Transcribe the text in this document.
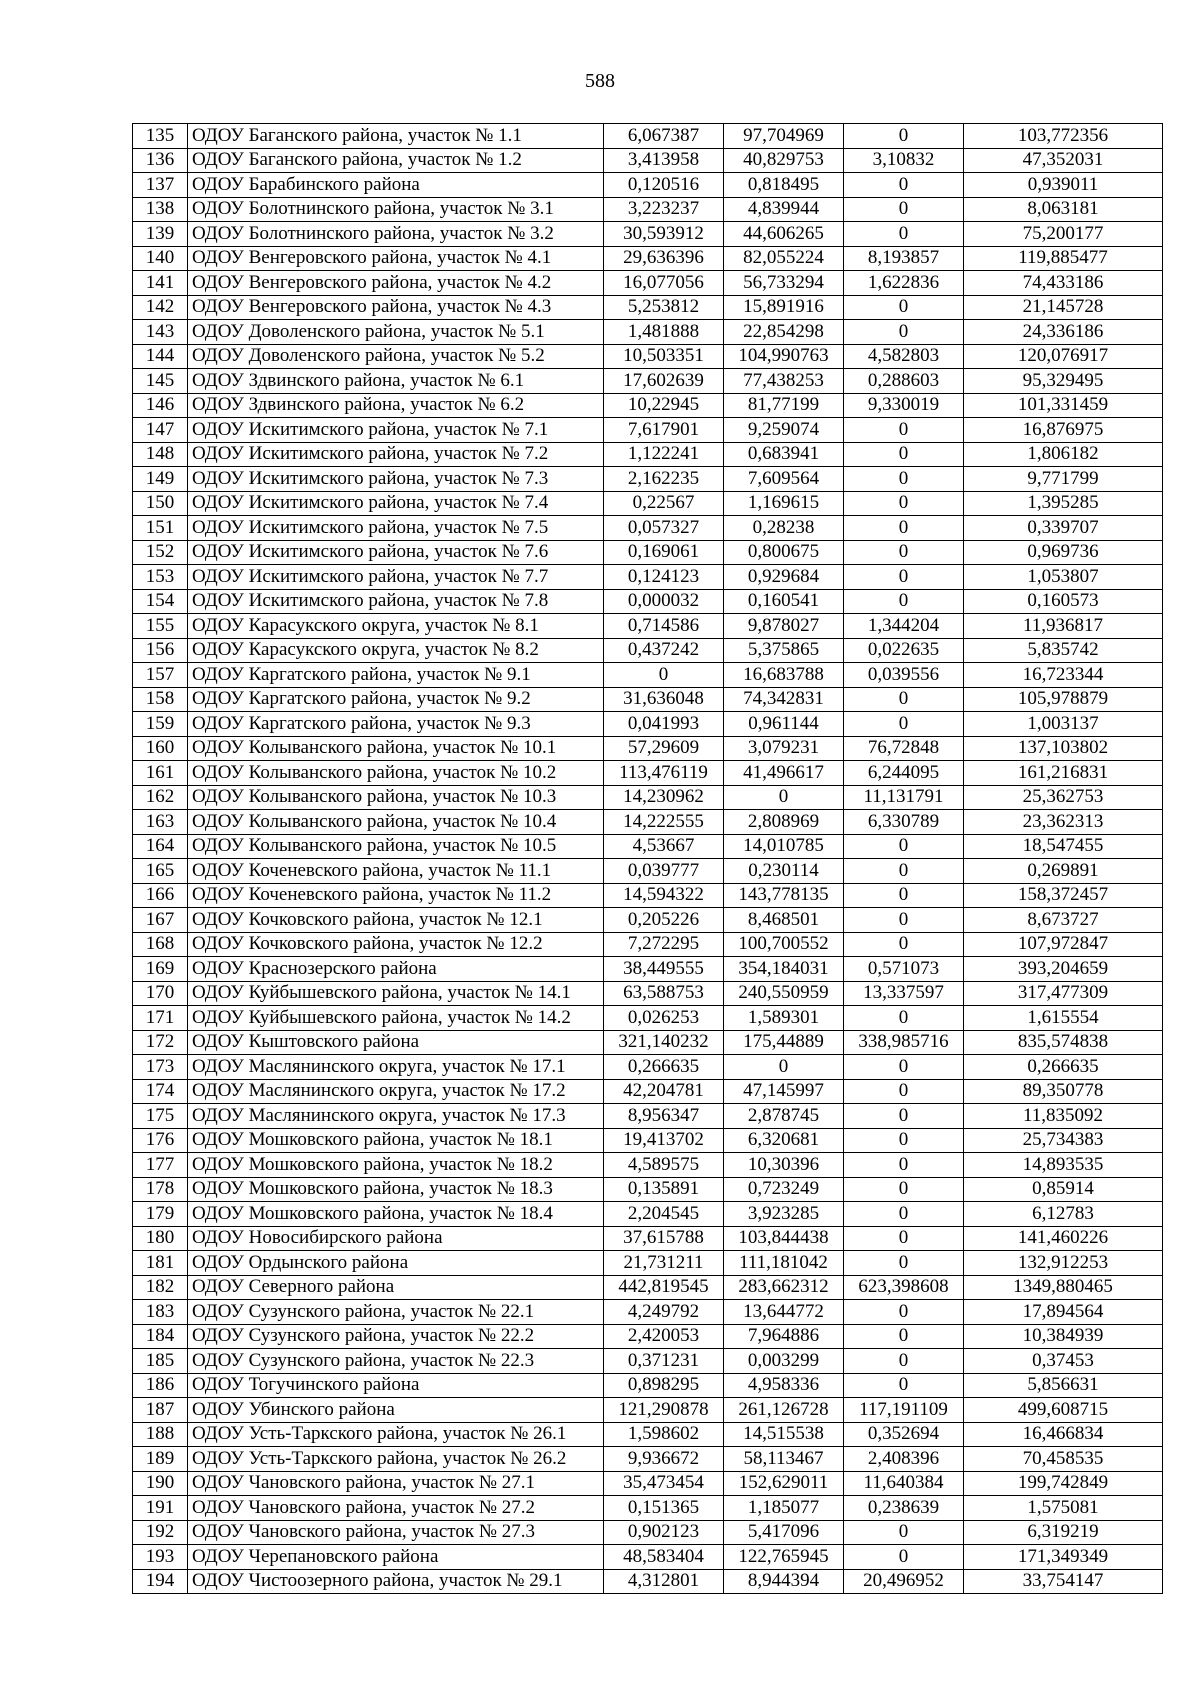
588
135	ОДОУ Баганского района, участок № 1.1	6,067387	97,704969	0	103,772356
136	ОДОУ Баганского района, участок № 1.2	3,413958	40,829753	3,10832	47,352031
137	ОДОУ Барабинского района	0,120516	0,818495	0	0,939011
138	ОДОУ Болотнинского района, участок № 3.1	3,223237	4,839944	0	8,063181
139	ОДОУ Болотнинского района, участок № 3.2	30,593912	44,606265	0	75,200177
140	ОДОУ Венгеровского района, участок № 4.1	29,636396	82,055224	8,193857	119,885477
141	ОДОУ Венгеровского района, участок № 4.2	16,077056	56,733294	1,622836	74,433186
142	ОДОУ Венгеровского района, участок № 4.3	5,253812	15,891916	0	21,145728
143	ОДОУ Доволенского района, участок № 5.1	1,481888	22,854298	0	24,336186
144	ОДОУ Доволенского района, участок № 5.2	10,503351	104,990763	4,582803	120,076917
145	ОДОУ Здвинского района, участок № 6.1	17,602639	77,438253	0,288603	95,329495
146	ОДОУ Здвинского района, участок № 6.2	10,22945	81,77199	9,330019	101,331459
147	ОДОУ Искитимского района, участок № 7.1	7,617901	9,259074	0	16,876975
148	ОДОУ Искитимского района, участок № 7.2	1,122241	0,683941	0	1,806182
149	ОДОУ Искитимского района, участок № 7.3	2,162235	7,609564	0	9,771799
150	ОДОУ Искитимского района, участок № 7.4	0,22567	1,169615	0	1,395285
151	ОДОУ Искитимского района, участок № 7.5	0,057327	0,28238	0	0,339707
152	ОДОУ Искитимского района, участок № 7.6	0,169061	0,800675	0	0,969736
153	ОДОУ Искитимского района, участок № 7.7	0,124123	0,929684	0	1,053807
154	ОДОУ Искитимского района, участок № 7.8	0,000032	0,160541	0	0,160573
155	ОДОУ Карасукского округа, участок № 8.1	0,714586	9,878027	1,344204	11,936817
156	ОДОУ Карасукского округа, участок № 8.2	0,437242	5,375865	0,022635	5,835742
157	ОДОУ Каргатского района, участок № 9.1	0	16,683788	0,039556	16,723344
158	ОДОУ Каргатского района, участок № 9.2	31,636048	74,342831	0	105,978879
159	ОДОУ Каргатского района, участок № 9.3	0,041993	0,961144	0	1,003137
160	ОДОУ Колыванского района, участок № 10.1	57,29609	3,079231	76,72848	137,103802
161	ОДОУ Колыванского района, участок № 10.2	113,476119	41,496617	6,244095	161,216831
162	ОДОУ Колыванского района, участок № 10.3	14,230962	0	11,131791	25,362753
163	ОДОУ Колыванского района, участок № 10.4	14,222555	2,808969	6,330789	23,362313
164	ОДОУ Колыванского района, участок № 10.5	4,53667	14,010785	0	18,547455
165	ОДОУ Коченевского района, участок № 11.1	0,039777	0,230114	0	0,269891
166	ОДОУ Коченевского района, участок № 11.2	14,594322	143,778135	0	158,372457
167	ОДОУ Кочковского района, участок № 12.1	0,205226	8,468501	0	8,673727
168	ОДОУ Кочковского района, участок № 12.2	7,272295	100,700552	0	107,972847
169	ОДОУ Краснозерского района	38,449555	354,184031	0,571073	393,204659
170	ОДОУ Куйбышевского района, участок № 14.1	63,588753	240,550959	13,337597	317,477309
171	ОДОУ Куйбышевского района, участок № 14.2	0,026253	1,589301	0	1,615554
172	ОДОУ Кыштовского района	321,140232	175,44889	338,985716	835,574838
173	ОДОУ Маслянинского округа, участок № 17.1	0,266635	0	0	0,266635
174	ОДОУ Маслянинского округа, участок № 17.2	42,204781	47,145997	0	89,350778
175	ОДОУ Маслянинского округа, участок № 17.3	8,956347	2,878745	0	11,835092
176	ОДОУ Мошковского района, участок № 18.1	19,413702	6,320681	0	25,734383
177	ОДОУ Мошковского района, участок № 18.2	4,589575	10,30396	0	14,893535
178	ОДОУ Мошковского района, участок № 18.3	0,135891	0,723249	0	0,85914
179	ОДОУ Мошковского района, участок № 18.4	2,204545	3,923285	0	6,12783
180	ОДОУ Новосибирского района	37,615788	103,844438	0	141,460226
181	ОДОУ Ордынского района	21,731211	111,181042	0	132,912253
182	ОДОУ Северного района	442,819545	283,662312	623,398608	1349,880465
183	ОДОУ Сузунского района, участок № 22.1	4,249792	13,644772	0	17,894564
184	ОДОУ Сузунского района, участок № 22.2	2,420053	7,964886	0	10,384939
185	ОДОУ Сузунского района, участок № 22.3	0,371231	0,003299	0	0,37453
186	ОДОУ Тогучинского района	0,898295	4,958336	0	5,856631
187	ОДОУ Убинского района	121,290878	261,126728	117,191109	499,608715
188	ОДОУ Усть-Таркского района, участок № 26.1	1,598602	14,515538	0,352694	16,466834
189	ОДОУ Усть-Таркского района, участок № 26.2	9,936672	58,113467	2,408396	70,458535
190	ОДОУ Чановского района, участок № 27.1	35,473454	152,629011	11,640384	199,742849
191	ОДОУ Чановского района, участок № 27.2	0,151365	1,185077	0,238639	1,575081
192	ОДОУ Чановского района, участок № 27.3	0,902123	5,417096	0	6,319219
193	ОДОУ Черепановского района	48,583404	122,765945	0	171,349349
194	ОДОУ Чистоозерного района, участок № 29.1	4,312801	8,944394	20,496952	33,754147
